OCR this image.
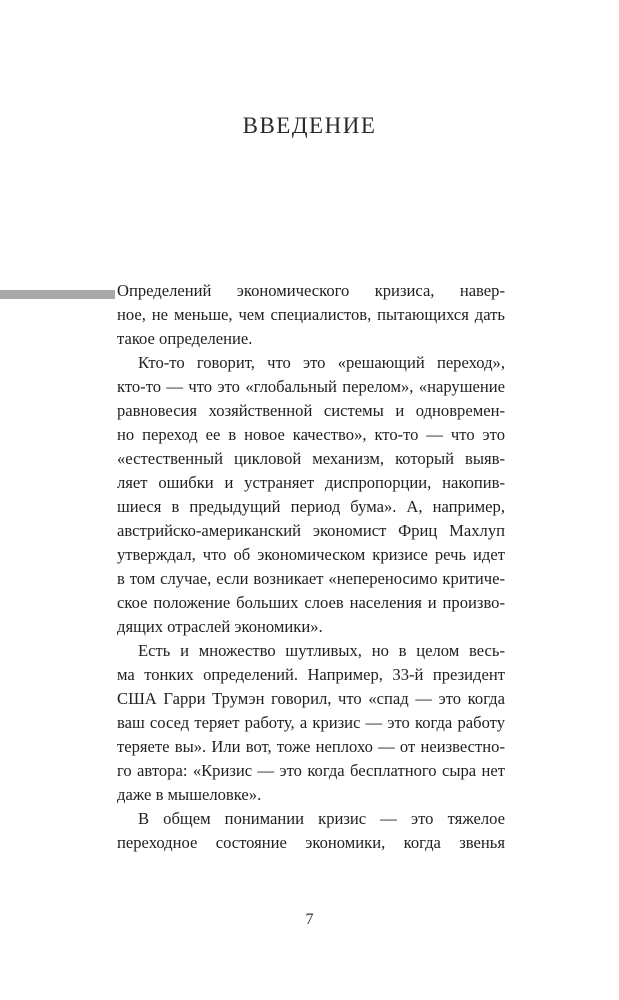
ВВЕДЕНИЕ
Определений экономического кризиса, навер-
ное, не меньше, чем специалистов, пытающихся дать
такое определение.
Кто-то говорит, что это «решающий переход»,
кто-то — что это «глобальный перелом», «нарушение
равновесия хозяйственной системы и одновремен-
но переход ее в новое качество», кто-то — что это
«естественный цикловой механизм, который выяв-
ляет ошибки и устраняет диспропорции, накопив-
шиеся в предыдущий период бума». А, например,
австрийско-американский экономист Фриц Махлуп
утверждал, что об экономическом кризисе речь идет
в том случае, если возникает «непереносимо критиче-
ское положение больших слоев населения и произво-
дящих отраслей экономики».
Есть и множество шутливых, но в целом весь-
ма тонких определений. Например, 33-й президент
США Гарри Трумэн говорил, что «спад — это когда
ваш сосед теряет работу, а кризис — это когда работу
теряете вы». Или вот, тоже неплохо — от неизвестно-
го автора: «Кризис — это когда бесплатного сыра нет
даже в мышеловке».
В общем понимании кризис — это тяжелое
переходное состояние экономики, когда звенья
7
